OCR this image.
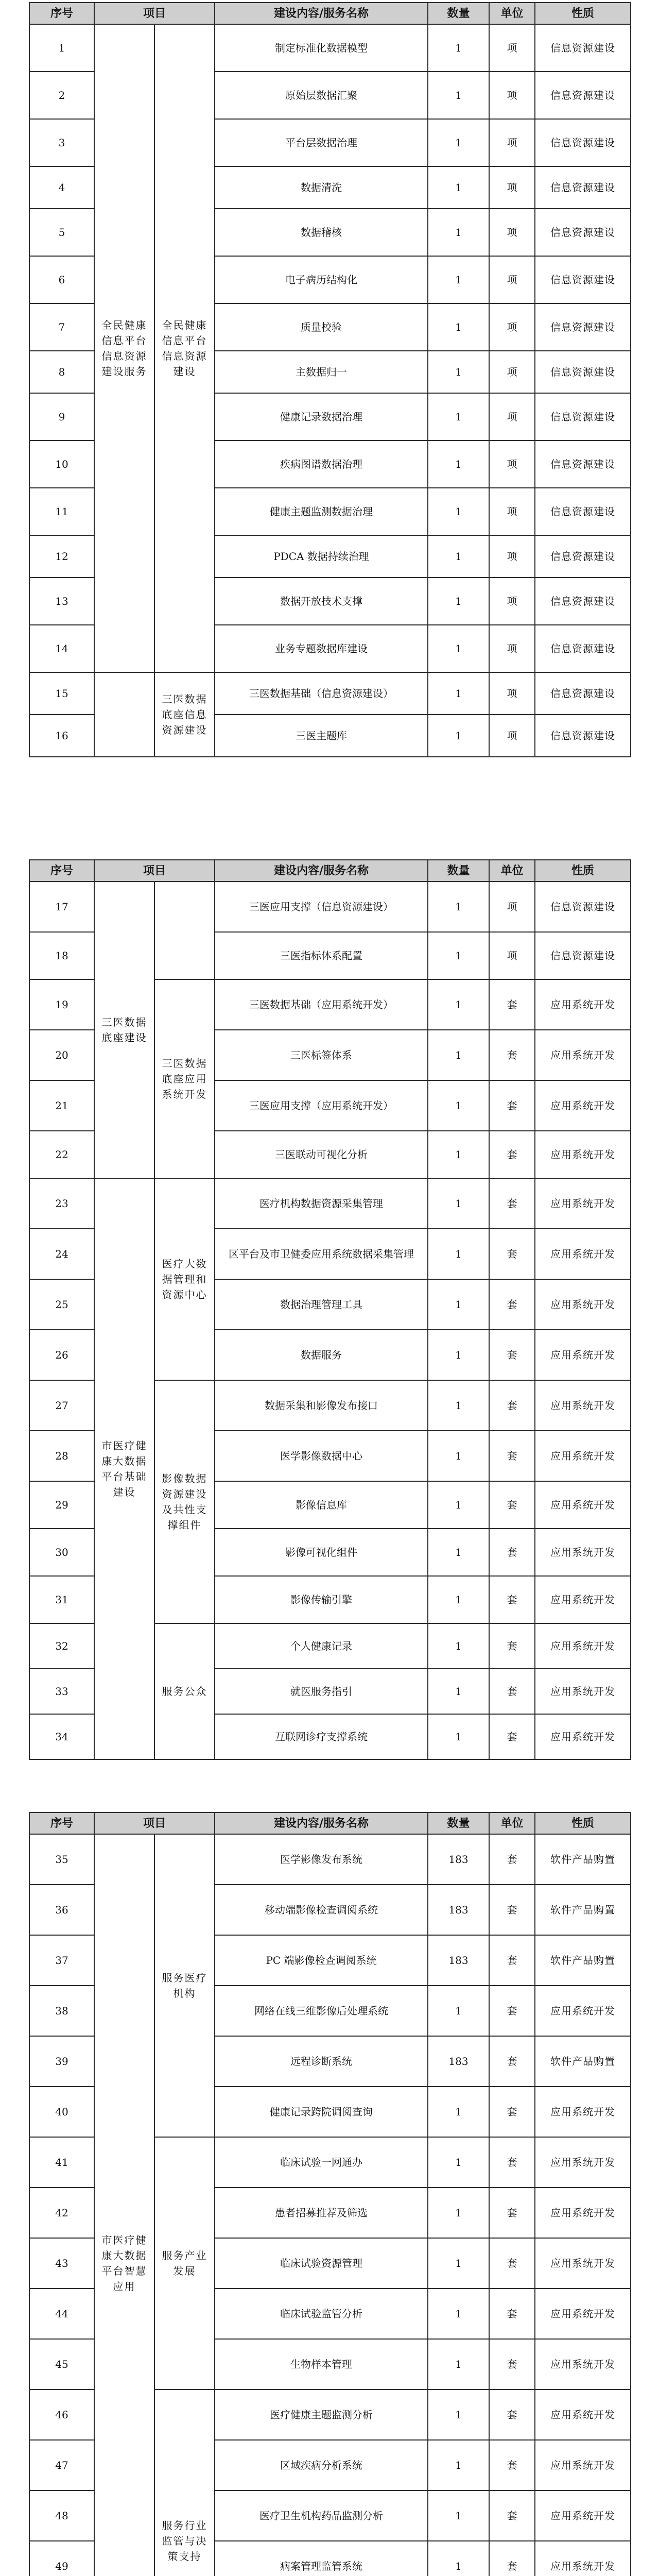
序号	项目		建设内容/服务名称	数量	单位	性质
1	全民健康信息平台信息资源建设服务	全民健康信息平台信息资源建设	制定标准化数据模型	1	项	信息资源建设
2			原始层数据汇聚	1	项	信息资源建设
3			平台层数据治理	1	项	信息资源建设
4			数据清洗	1	项	信息资源建设
5			数据稽核	1	项	信息资源建设
6			电子病历结构化	1	项	信息资源建设
7			质量校验	1	项	信息资源建设
8			主数据归一	1	项	信息资源建设
9			健康记录数据治理	1	项	信息资源建设
10			疾病图谱数据治理	1	项	信息资源建设
11			健康主题监测数据治理	1	项	信息资源建设
12			PDCA 数据持续治理	1	项	信息资源建设
13			数据开放技术支撑	1	项	信息资源建设
14			业务专题数据库建设	1	项	信息资源建设
15		三医数据底座信息资源建设	三医数据基础（信息资源建设）	1	项	信息资源建设
16			三医主题库	1	项	信息资源建设
序号	项目		建设内容/服务名称	数量	单位	性质
17	三医数据底座建设		三医应用支撑（信息资源建设）	1	项	信息资源建设
18			三医指标体系配置	1	项	信息资源建设
19		三医数据底座应用系统开发	三医数据基础（应用系统开发）	1	套	应用系统开发
20			三医标签体系	1	套	应用系统开发
21			三医应用支撑（应用系统开发）	1	套	应用系统开发
22			三医联动可视化分析	1	套	应用系统开发
23	市医疗健康大数据平台基础建设	医疗大数据管理和资源中心	医疗机构数据资源采集管理	1	套	应用系统开发
24			区平台及市卫健委应用系统数据采集管理	1	套	应用系统开发
25			数据治理管理工具	1	套	应用系统开发
26			数据服务	1	套	应用系统开发
27		影像数据资源建设及共性支撑组件	数据采集和影像发布接口	1	套	应用系统开发
28			医学影像数据中心	1	套	应用系统开发
29			影像信息库	1	套	应用系统开发
30			影像可视化组件	1	套	应用系统开发
31			影像传输引擎	1	套	应用系统开发
32		服务公众	个人健康记录	1	套	应用系统开发
33			就医服务指引	1	套	应用系统开发
34			互联网诊疗支撑系统	1	套	应用系统开发
序号	项目		建设内容/服务名称	数量	单位	性质
35	市医疗健康大数据平台智慧应用	服务医疗机构	医学影像发布系统	183	套	软件产品购置
36			移动端影像检查调阅系统	183	套	软件产品购置
37			PC 端影像检查调阅系统	183	套	软件产品购置
38			网络在线三维影像后处理系统	1	套	应用系统开发
39			远程诊断系统	183	套	软件产品购置
40			健康记录跨院调阅查询	1	套	应用系统开发
41		服务产业发展	临床试验一网通办	1	套	应用系统开发
42			患者招募推荐及筛选	1	套	应用系统开发
43			临床试验资源管理	1	套	应用系统开发
44			临床试验监管分析	1	套	应用系统开发
45			生物样本管理	1	套	应用系统开发
46		服务行业监管与决策支持	医疗健康主题监测分析	1	套	应用系统开发
47			区域疾病分析系统	1	套	应用系统开发
48			医疗卫生机构药品监测分析	1	套	应用系统开发
49			病案管理监管系统	1	套	应用系统开发
